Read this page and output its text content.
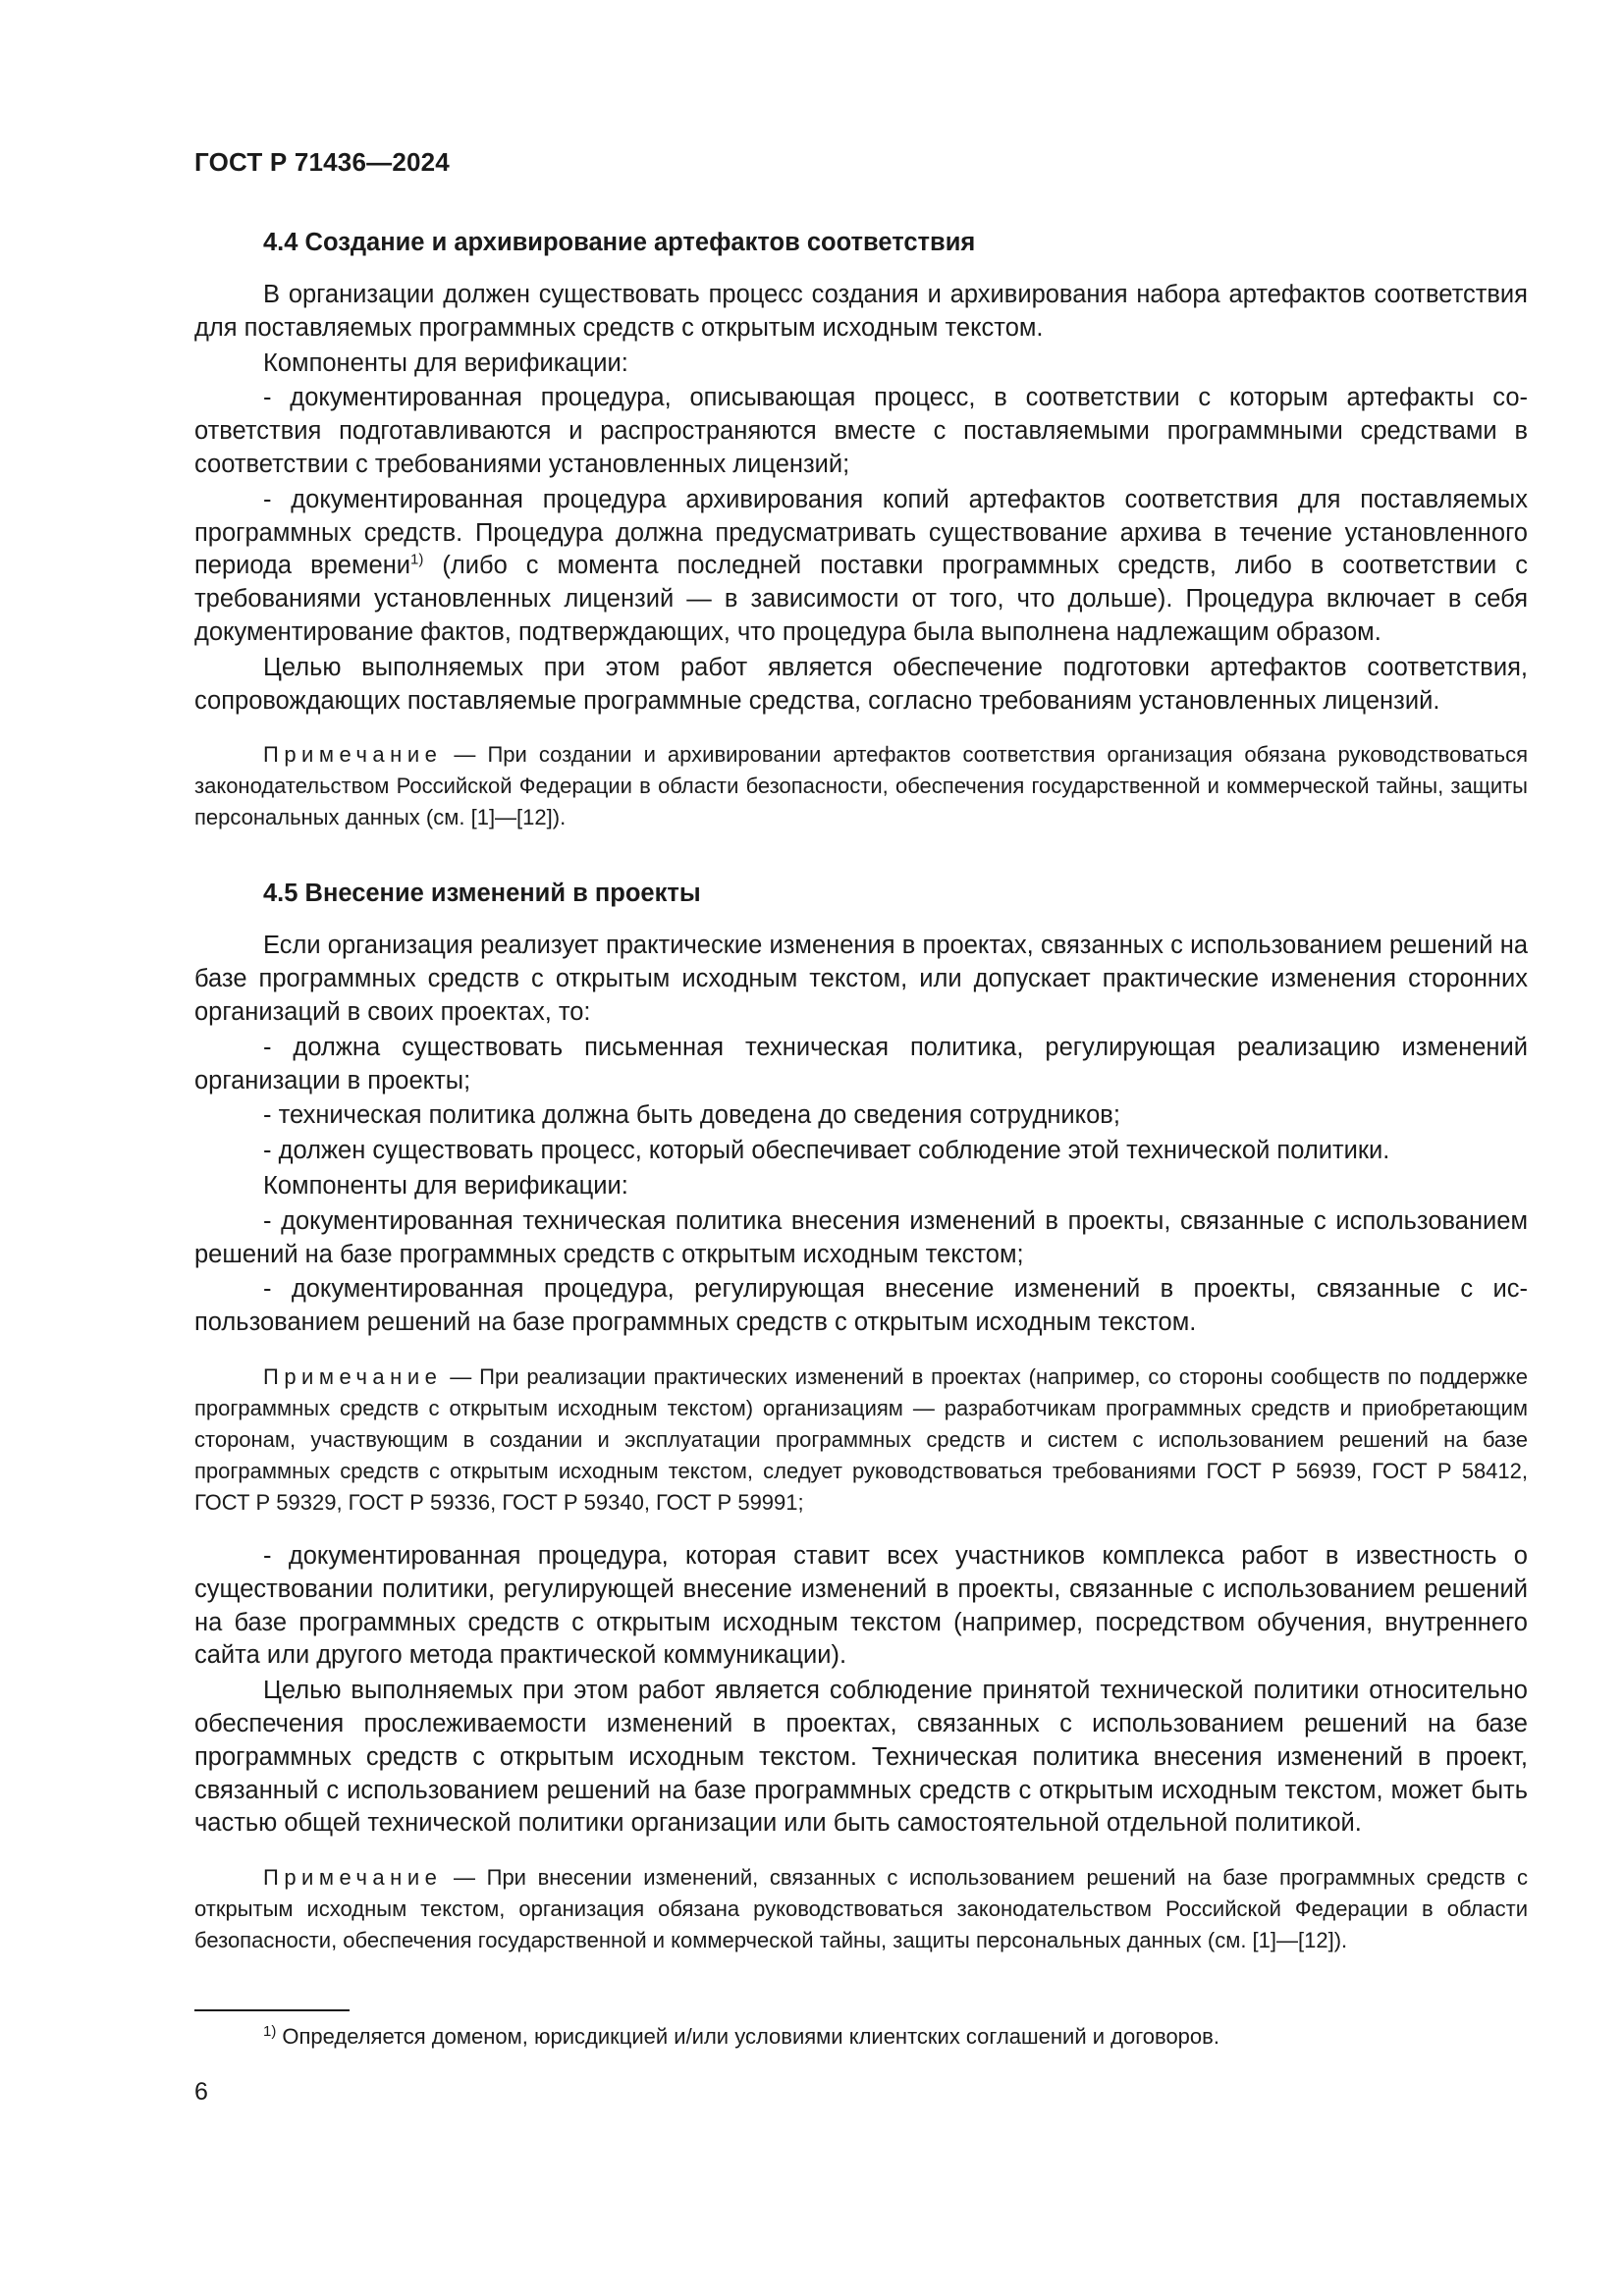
ГОСТ Р 71436—2024
4.4 Создание и архивирование артефактов соответствия
В организации должен существовать процесс создания и архивирования набора артефактов соответствия для поставляемых программных средств с открытым исходным текстом.
Компоненты для верификации:
- документированная процедура, описывающая процесс, в соответствии с которым артефакты соответствия подготавливаются и распространяются вместе с поставляемыми программными средствами в соответствии с требованиями установленных лицензий;
- документированная процедура архивирования копий артефактов соответствия для поставляемых программных средств. Процедура должна предусматривать существование архива в течение установленного периода времени$^{1)}$ (либо с момента последней поставки программных средств, либо в соответствии с требованиями установленных лицензий — в зависимости от того, что дольше). Процедура включает в себя документирование фактов, подтверждающих, что процедура была выполнена надлежащим образом.
Целью выполняемых при этом работ является обеспечение подготовки артефактов соответствия, сопровождающих поставляемые программные средства, согласно требованиям установленных лицензий.
Примечание — При создании и архивировании артефактов соответствия организация обязана руководствоваться законодательством Российской Федерации в области безопасности, обеспечения государственной и коммерческой тайны, защиты персональных данных (см. [1]—[12]).
4.5 Внесение изменений в проекты
Если организация реализует практические изменения в проектах, связанных с использованием решений на базе программных средств с открытым исходным текстом, или допускает практические изменения сторонних организаций в своих проектах, то:
- должна существовать письменная техническая политика, регулирующая реализацию изменений организации в проекты;
- техническая политика должна быть доведена до сведения сотрудников;
- должен существовать процесс, который обеспечивает соблюдение этой технической политики.
Компоненты для верификации:
- документированная техническая политика внесения изменений в проекты, связанные с использованием решений на базе программных средств с открытым исходным текстом;
- документированная процедура, регулирующая внесение изменений в проекты, связанные с использованием решений на базе программных средств с открытым исходным текстом.
Примечание — При реализации практических изменений в проектах (например, со стороны сообществ по поддержке программных средств с открытым исходным текстом) организациям — разработчикам программных средств и приобретающим сторонам, участвующим в создании и эксплуатации программных средств и систем с использованием решений на базе программных средств с открытым исходным текстом, следует руководствоваться требованиями ГОСТ Р 56939, ГОСТ Р 58412, ГОСТ Р 59329, ГОСТ Р 59336, ГОСТ Р 59340, ГОСТ Р 59991;
- документированная процедура, которая ставит всех участников комплекса работ в известность о существовании политики, регулирующей внесение изменений в проекты, связанные с использованием решений на базе программных средств с открытым исходным текстом (например, посредством обучения, внутреннего сайта или другого метода практической коммуникации).
Целью выполняемых при этом работ является соблюдение принятой технической политики относительно обеспечения прослеживаемости изменений в проектах, связанных с использованием решений на базе программных средств с открытым исходным текстом. Техническая политика внесения изменений в проект, связанный с использованием решений на базе программных средств с открытым исходным текстом, может быть частью общей технической политики организации или быть самостоятельной отдельной политикой.
Примечание — При внесении изменений, связанных с использованием решений на базе программных средств с открытым исходным текстом, организация обязана руководствоваться законодательством Российской Федерации в области безопасности, обеспечения государственной и коммерческой тайны, защиты персональных данных (см. [1]—[12]).
$^{1)}$ Определяется доменом, юрисдикцией и/или условиями клиентских соглашений и договоров.
6
